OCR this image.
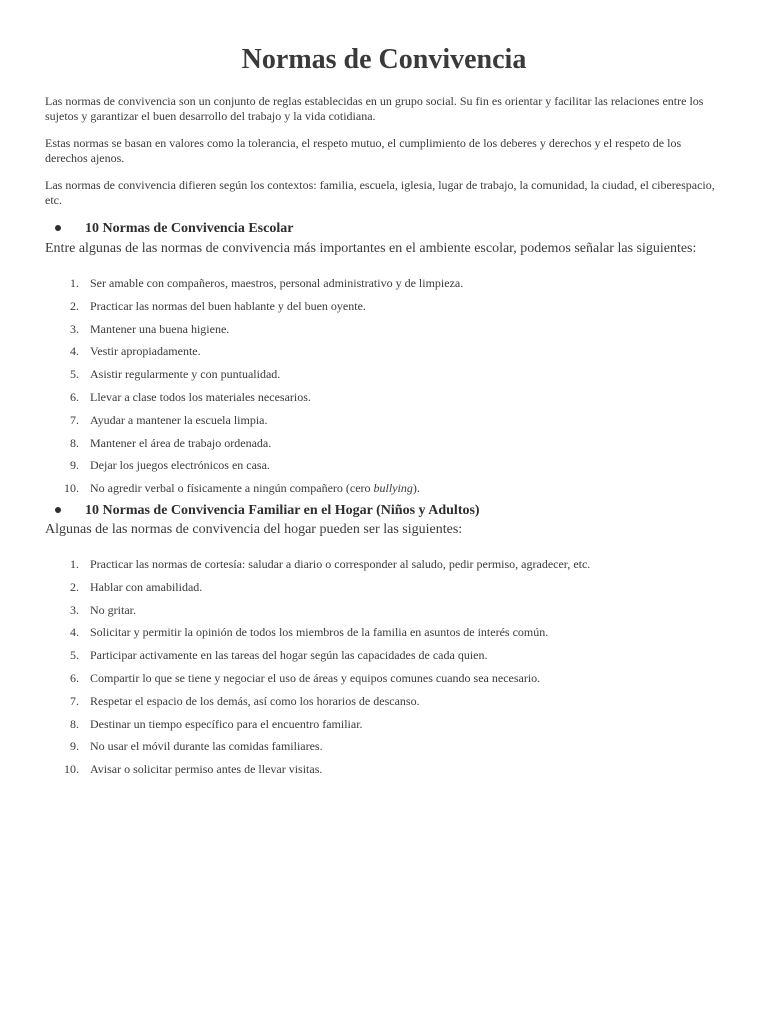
Normas de Convivencia

Las normas de convivencia son un conjunto de reglas establecidas en un grupo social. Su fin es orientar y facilitar las relaciones entre los sujetos y garantizar el buen desarrollo del trabajo y la vida cotidiana.

Estas normas se basan en valores como la tolerancia, el respeto mutuo, el cumplimiento de los deberes y derechos y el respeto de los derechos ajenos.

Las normas de convivencia difieren según los contextos: familia, escuela, iglesia, lugar de trabajo, la comunidad, la ciudad, el ciberespacio, etc.

10 Normas de Convivencia Escolar

Entre algunas de las normas de convivencia más importantes en el ambiente escolar, podemos señalar las siguientes:

1. Ser amable con compañeros, maestros, personal administrativo y de limpieza.
2. Practicar las normas del buen hablante y del buen oyente.
3. Mantener una buena higiene.
4. Vestir apropiadamente.
5. Asistir regularmente y con puntualidad.
6. Llevar a clase todos los materiales necesarios.
7. Ayudar a mantener la escuela limpia.
8. Mantener el área de trabajo ordenada.
9. Dejar los juegos electrónicos en casa.
10. No agredir verbal o físicamente a ningún compañero (cero bullying).
10 Normas de Convivencia Familiar en el Hogar (Niños y Adultos)

Algunas de las normas de convivencia del hogar pueden ser las siguientes:

1. Practicar las normas de cortesía: saludar a diario o corresponder al saludo, pedir permiso, agradecer, etc.
2. Hablar con amabilidad.
3. No gritar.
4. Solicitar y permitir la opinión de todos los miembros de la familia en asuntos de interés común.
5. Participar activamente en las tareas del hogar según las capacidades de cada quien.
6. Compartir lo que se tiene y negociar el uso de áreas y equipos comunes cuando sea necesario.
7. Respetar el espacio de los demás, así como los horarios de descanso.
8. Destinar un tiempo específico para el encuentro familiar.
9. No usar el móvil durante las comidas familiares.
10. Avisar o solicitar permiso antes de llevar visitas.
